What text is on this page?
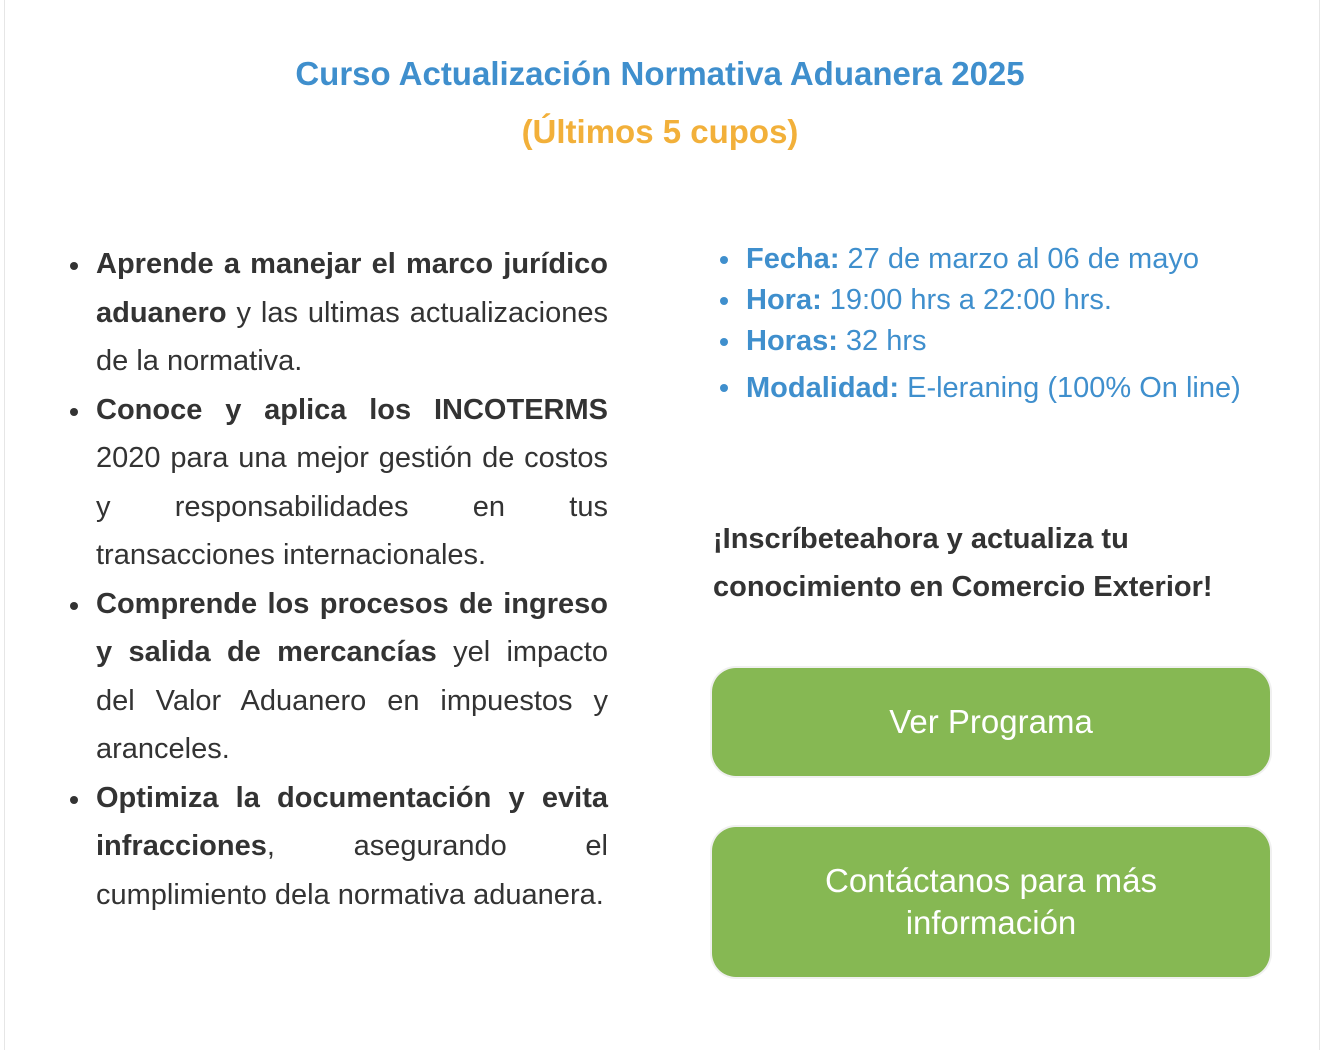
Curso Actualización Normativa Aduanera 2025
(Últimos 5 cupos)
Aprende a manejar el marco jurídico aduanero y las ultimas actualizaciones de la normativa.
Conoce y aplica los INCOTERMS 2020 para una mejor gestión de costos y responsabilidades en tus transacciones internacionales.
Comprende los procesos de ingreso y salida de mercancías yel impacto del Valor Aduanero en impuestos y aranceles.
Optimiza la documentación y evita infracciones, asegurando el cumplimiento dela normativa aduanera.
Fecha: 27 de marzo al 06 de mayo
Hora: 19:00 hrs a 22:00 hrs.
Horas: 32 hrs
Modalidad: E-leraning (100% On line)

¡Inscríbeteahora y actualiza tu conocimiento en Comercio Exterior!

Ver Programa
Contáctanos para más información
